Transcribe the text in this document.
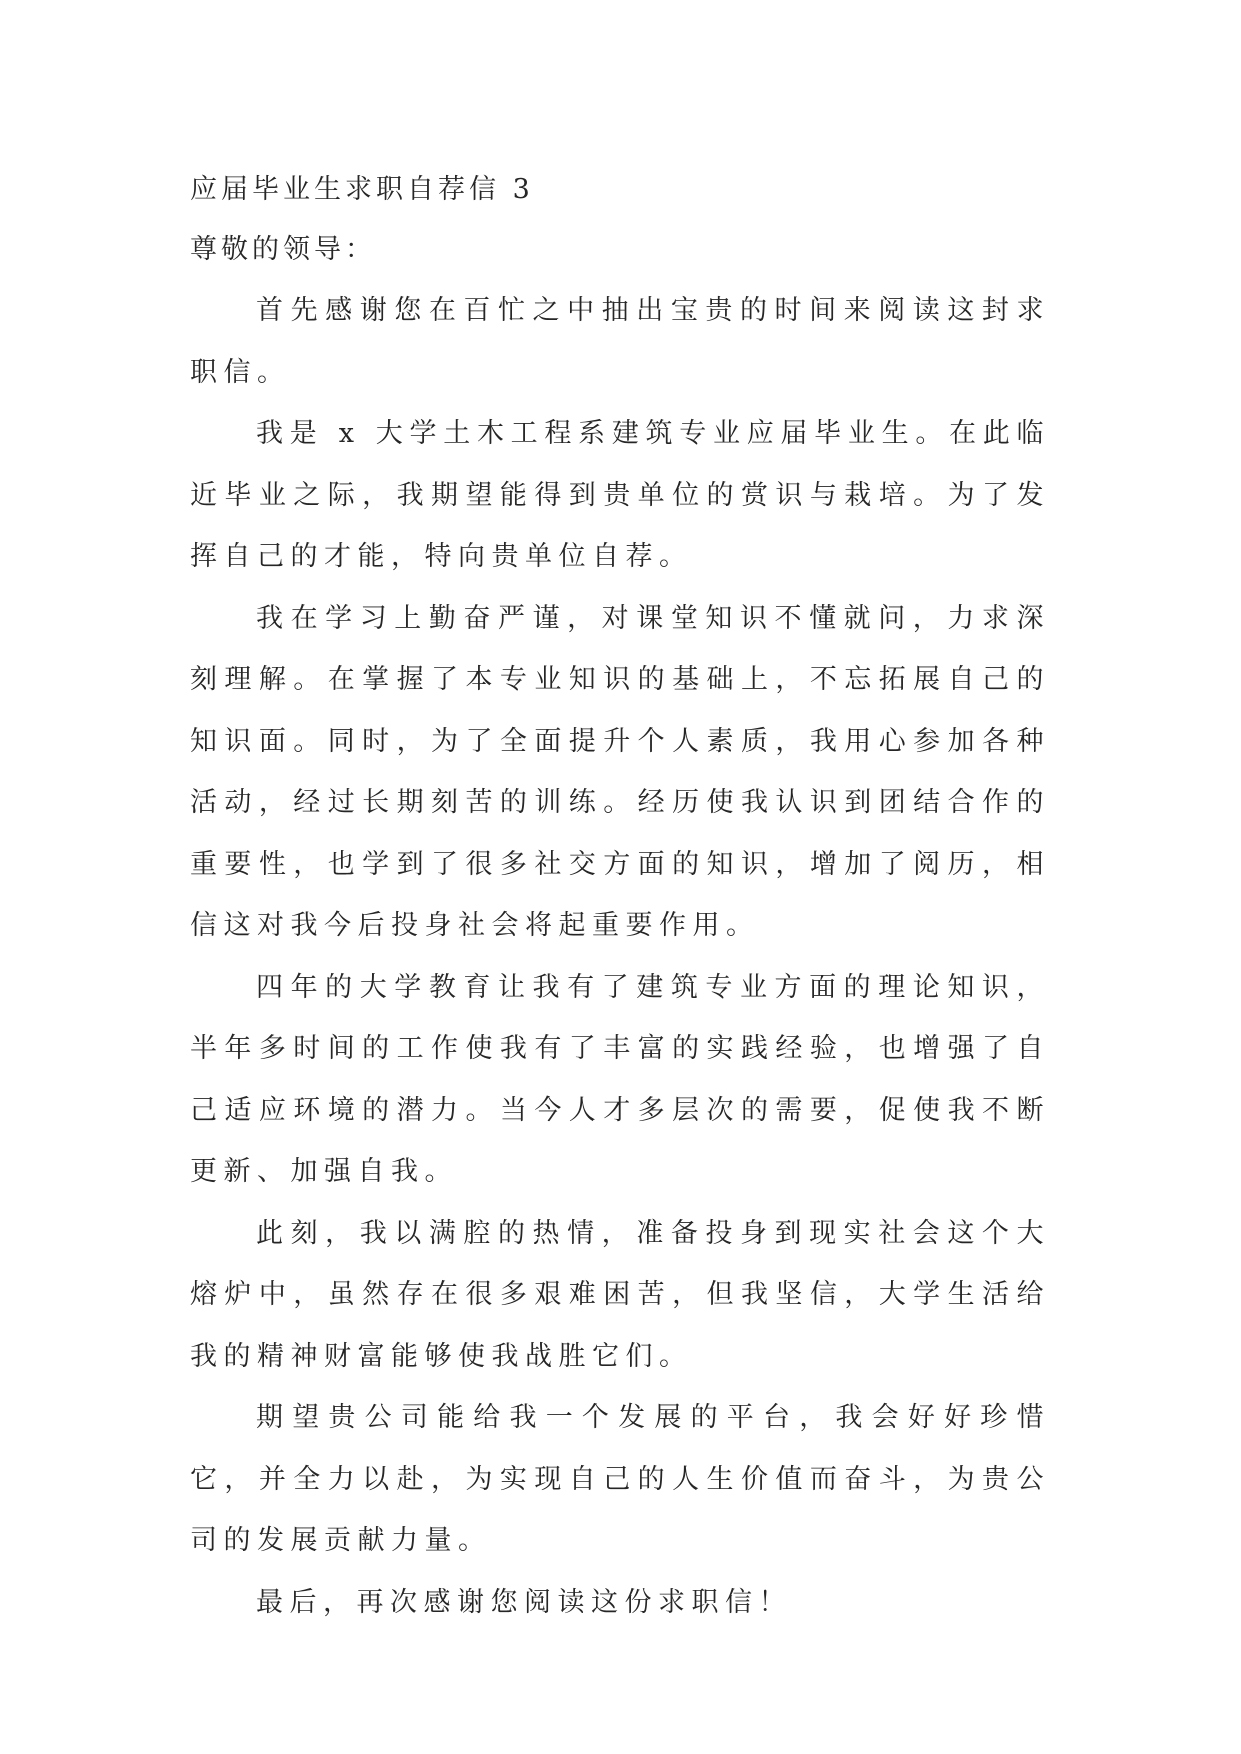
应届毕业生求职自荐信 3

尊敬的领导：

首先感谢您在百忙之中抽出宝贵的时间来阅读这封求职信。

我是 x 大学土木工程系建筑专业应届毕业生。在此临近毕业之际，我期望能得到贵单位的赏识与栽培。为了发挥自己的才能，特向贵单位自荐。

我在学习上勤奋严谨，对课堂知识不懂就问，力求深刻理解。在掌握了本专业知识的基础上，不忘拓展自己的知识面。同时，为了全面提升个人素质，我用心参加各种活动，经过长期刻苦的训练。经历使我认识到团结合作的重要性，也学到了很多社交方面的知识，增加了阅历，相信这对我今后投身社会将起重要作用。

四年的大学教育让我有了建筑专业方面的理论知识，半年多时间的工作使我有了丰富的实践经验，也增强了自己适应环境的潜力。当今人才多层次的需要，促使我不断更新、加强自我。

此刻，我以满腔的热情，准备投身到现实社会这个大熔炉中，虽然存在很多艰难困苦，但我坚信，大学生活给我的精神财富能够使我战胜它们。

期望贵公司能给我一个发展的平台，我会好好珍惜它，并全力以赴，为实现自己的人生价值而奋斗，为贵公司的发展贡献力量。

最后，再次感谢您阅读这份求职信！
